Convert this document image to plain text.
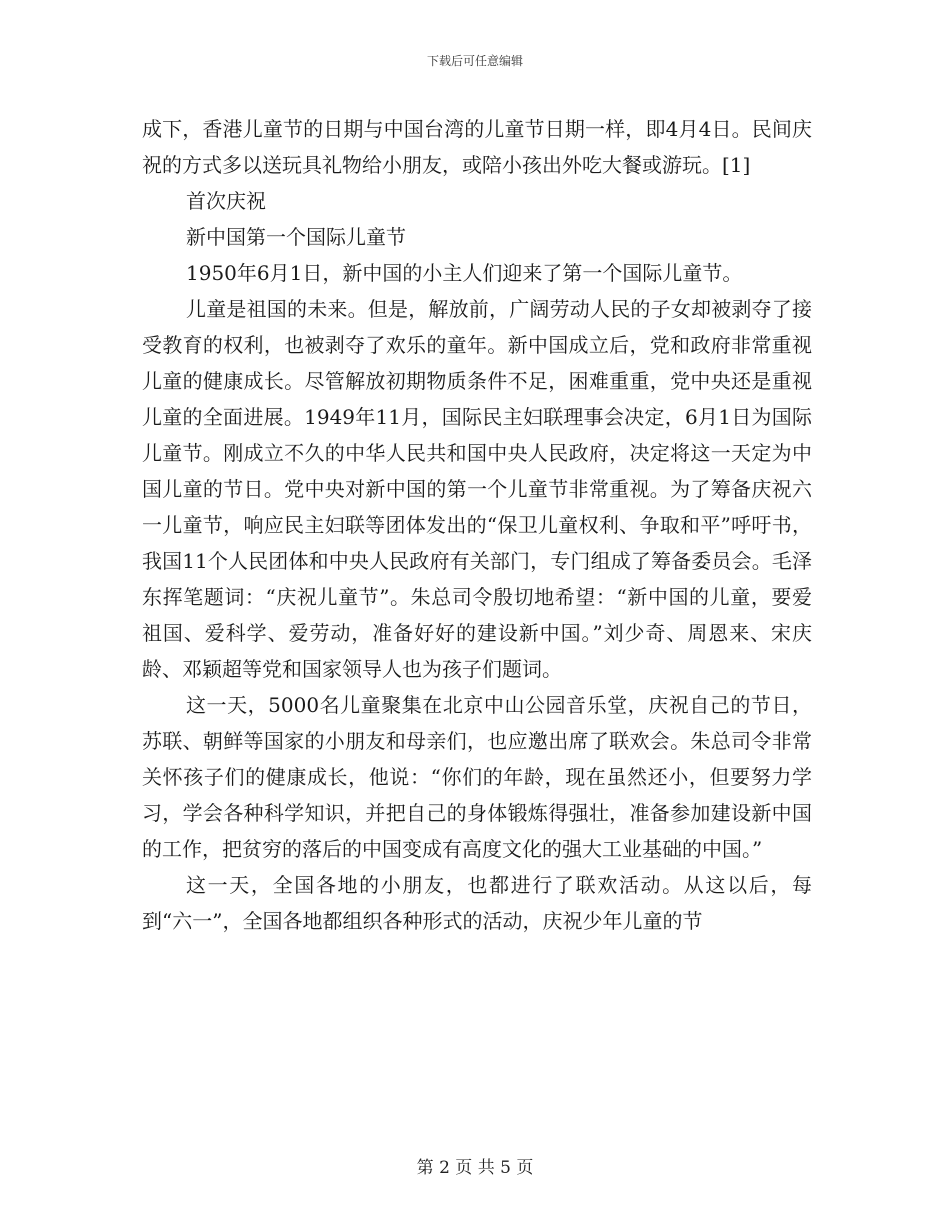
下载后可任意编辑

成下，香港儿童节的日期与中国台湾的儿童节日期一样，即4月4日。民间庆祝的方式多以送玩具礼物给小朋友，或陪小孩出外吃大餐或游玩。[1]

首次庆祝

新中国第一个国际儿童节

1950年6月1日，新中国的小主人们迎来了第一个国际儿童节。

儿童是祖国的未来。但是，解放前，广阔劳动人民的子女却被剥夺了接受教育的权利，也被剥夺了欢乐的童年。新中国成立后，党和政府非常重视儿童的健康成长。尽管解放初期物质条件不足，困难重重，党中央还是重视儿童的全面进展。1949年11月，国际民主妇联理事会决定，6月1日为国际儿童节。刚成立不久的中华人民共和国中央人民政府，决定将这一天定为中国儿童的节日。党中央对新中国的第一个儿童节非常重视。为了筹备庆祝六一儿童节，响应民主妇联等团体发出的“保卫儿童权利、争取和平”呼吁书，我国11个人民团体和中央人民政府有关部门，专门组成了筹备委员会。毛泽东挥笔题词：“庆祝儿童节”。朱总司令殷切地希望：“新中国的儿童，要爱祖国、爱科学、爱劳动，准备好好的建设新中国。”刘少奇、周恩来、宋庆龄、邓颖超等党和国家领导人也为孩子们题词。

这一天，5000名儿童聚集在北京中山公园音乐堂，庆祝自己的节日，苏联、朝鲜等国家的小朋友和母亲们，也应邀出席了联欢会。朱总司令非常关怀孩子们的健康成长，他说：“你们的年龄，现在虽然还小，但要努力学习，学会各种科学知识，并把自己的身体锻炼得强壮，准备参加建设新中国的工作，把贫穷的落后的中国变成有高度文化的强大工业基础的中国。”

这一天，全国各地的小朋友，也都进行了联欢活动。从这以后，每到“六一”，全国各地都组织各种形式的活动，庆祝少年儿童的节

第 2 页 共 5 页
